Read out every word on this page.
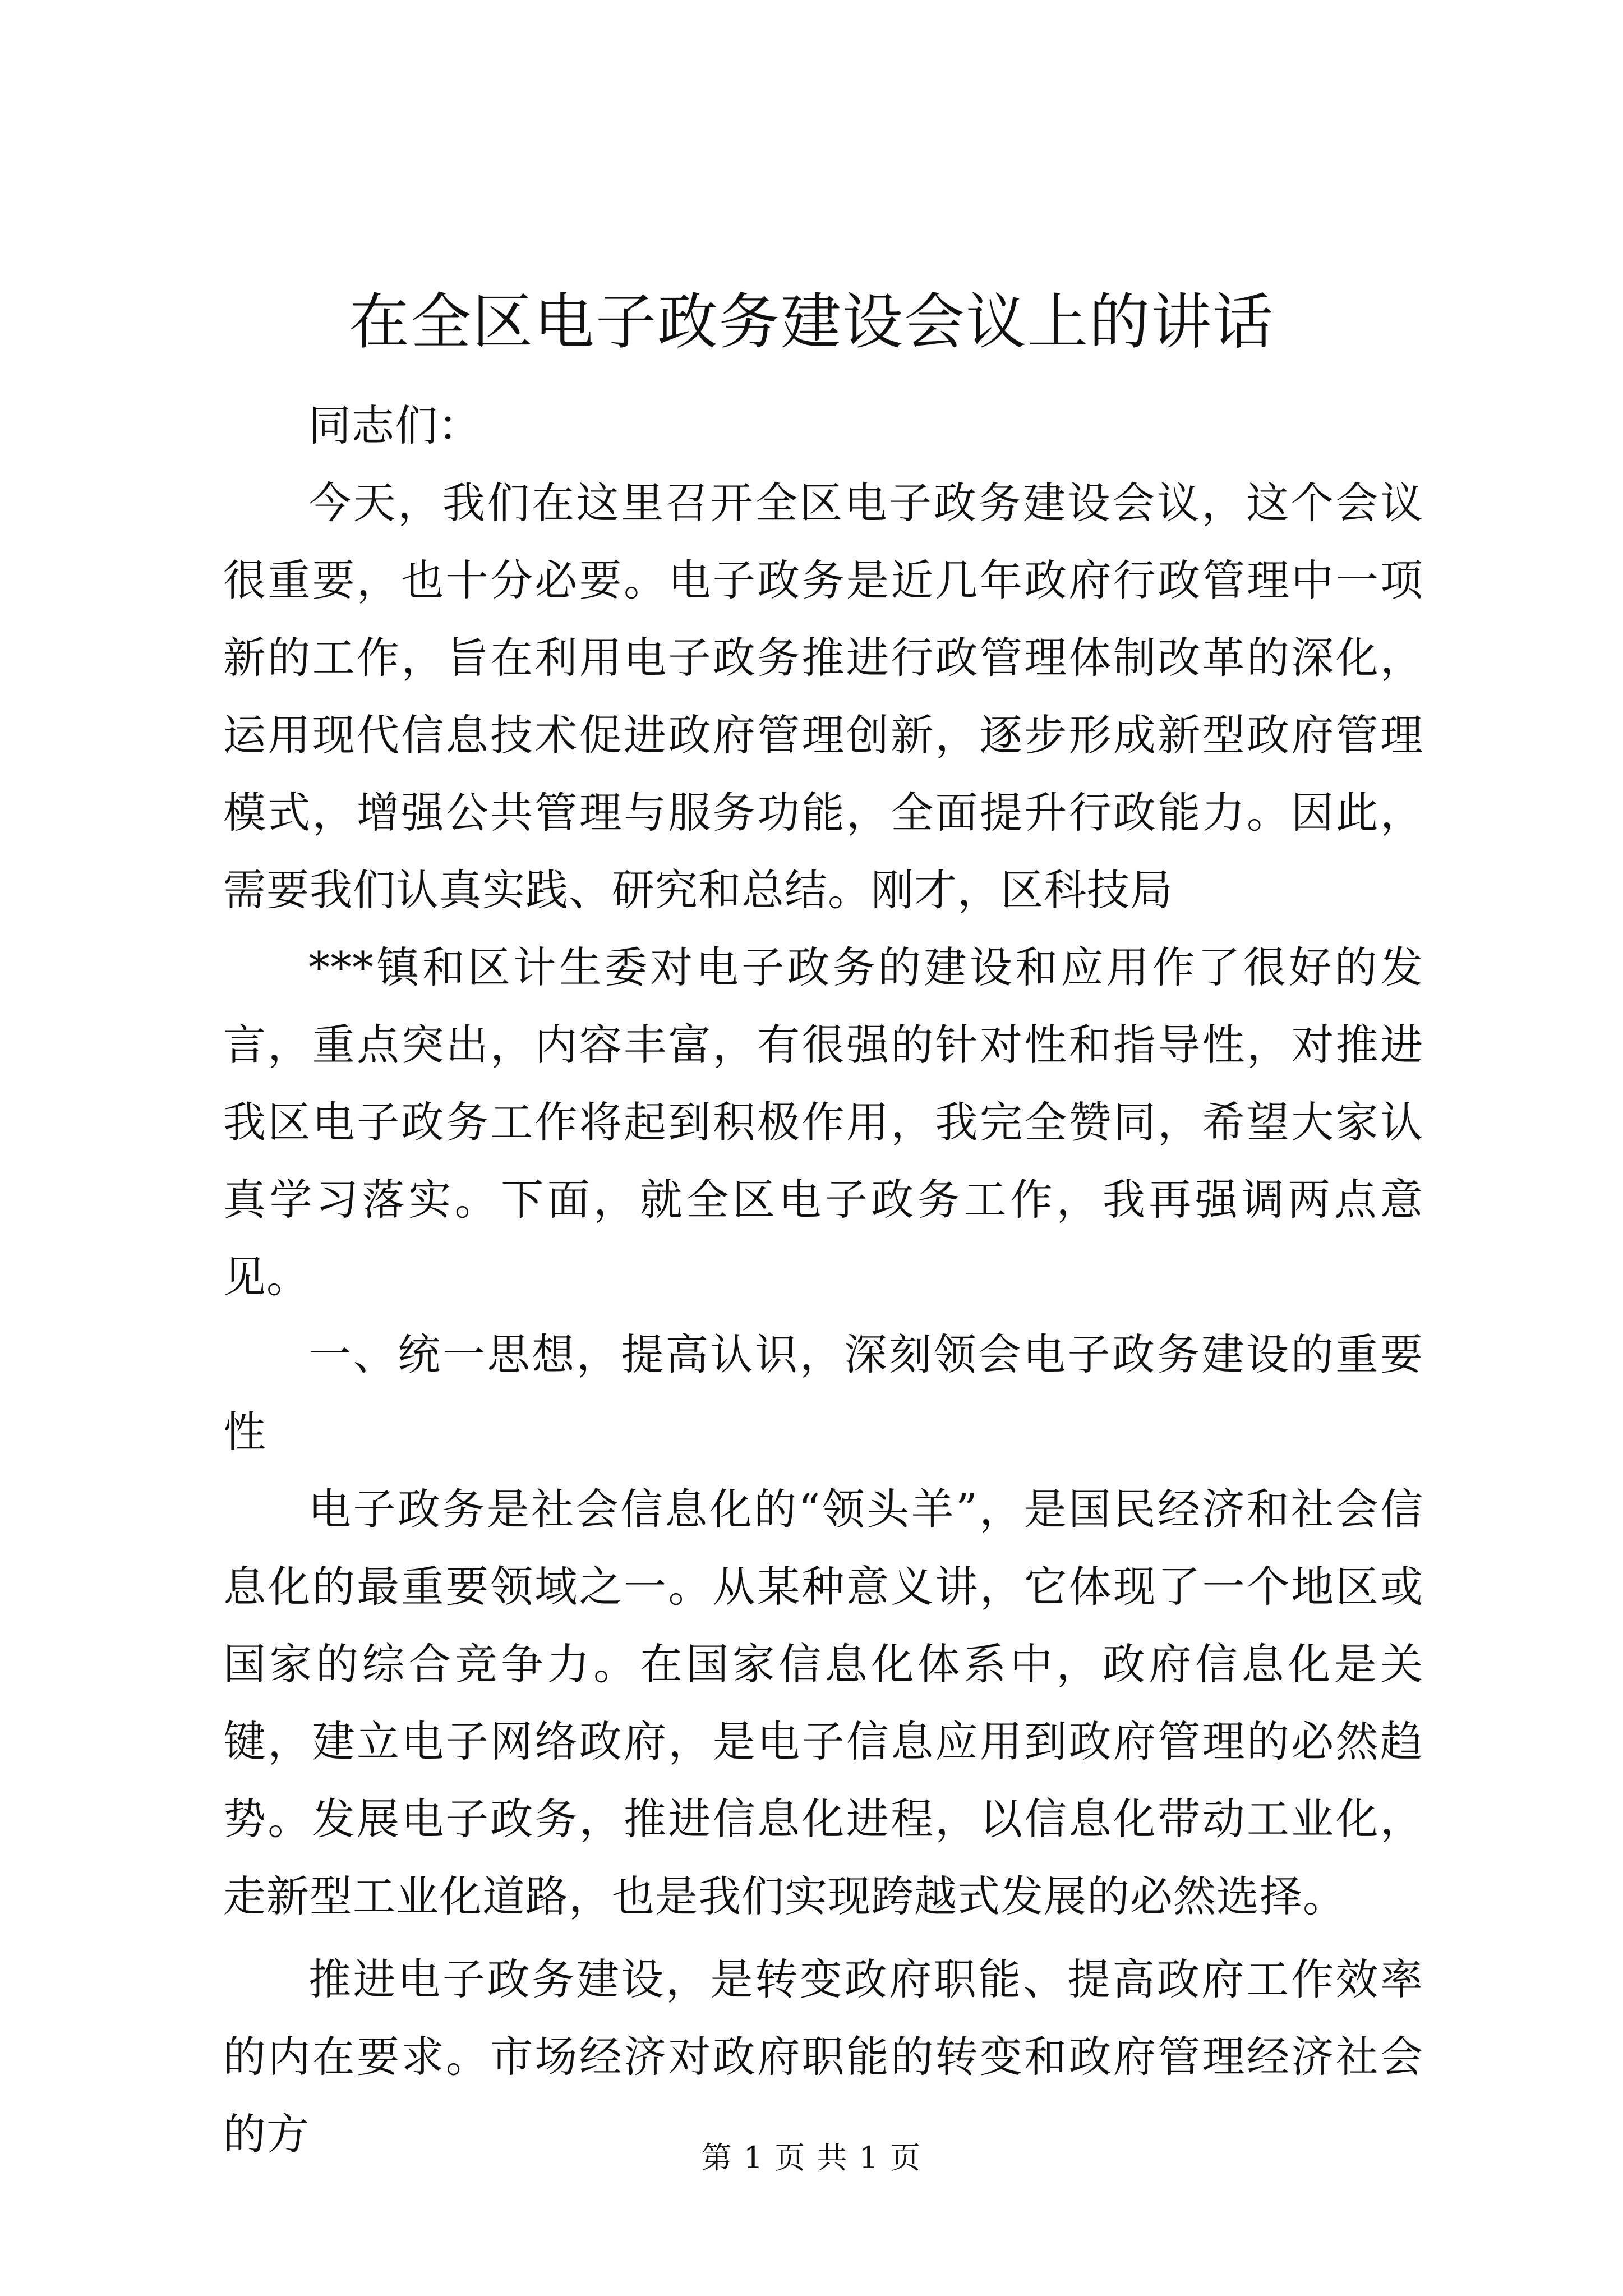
在全区电子政务建设会议上的讲话

同志们：

今天，我们在这里召开全区电子政务建设会议，这个会议很重要，也十分必要。电子政务是近几年政府行政管理中一项新的工作，旨在利用电子政务推进行政管理体制改革的深化，运用现代信息技术促进政府管理创新，逐步形成新型政府管理模式，增强公共管理与服务功能，全面提升行政能力。因此，需要我们认真实践、研究和总结。刚才，区科技局

***镇和区计生委对电子政务的建设和应用作了很好的发言，重点突出，内容丰富，有很强的针对性和指导性，对推进我区电子政务工作将起到积极作用，我完全赞同，希望大家认真学习落实。下面，就全区电子政务工作，我再强调两点意见。

一、统一思想，提高认识，深刻领会电子政务建设的重要性

电子政务是社会信息化的“领头羊”，是国民经济和社会信息化的最重要领域之一。从某种意义讲，它体现了一个地区或国家的综合竞争力。在国家信息化体系中，政府信息化是关键，建立电子网络政府，是电子信息应用到政府管理的必然趋势。发展电子政务，推进信息化进程，以信息化带动工业化，走新型工业化道路，也是我们实现跨越式发展的必然选择。

推进电子政务建设，是转变政府职能、提高政府工作效率的内在要求。市场经济对政府职能的转变和政府管理经济社会的方	第 1 页 共 1 页
